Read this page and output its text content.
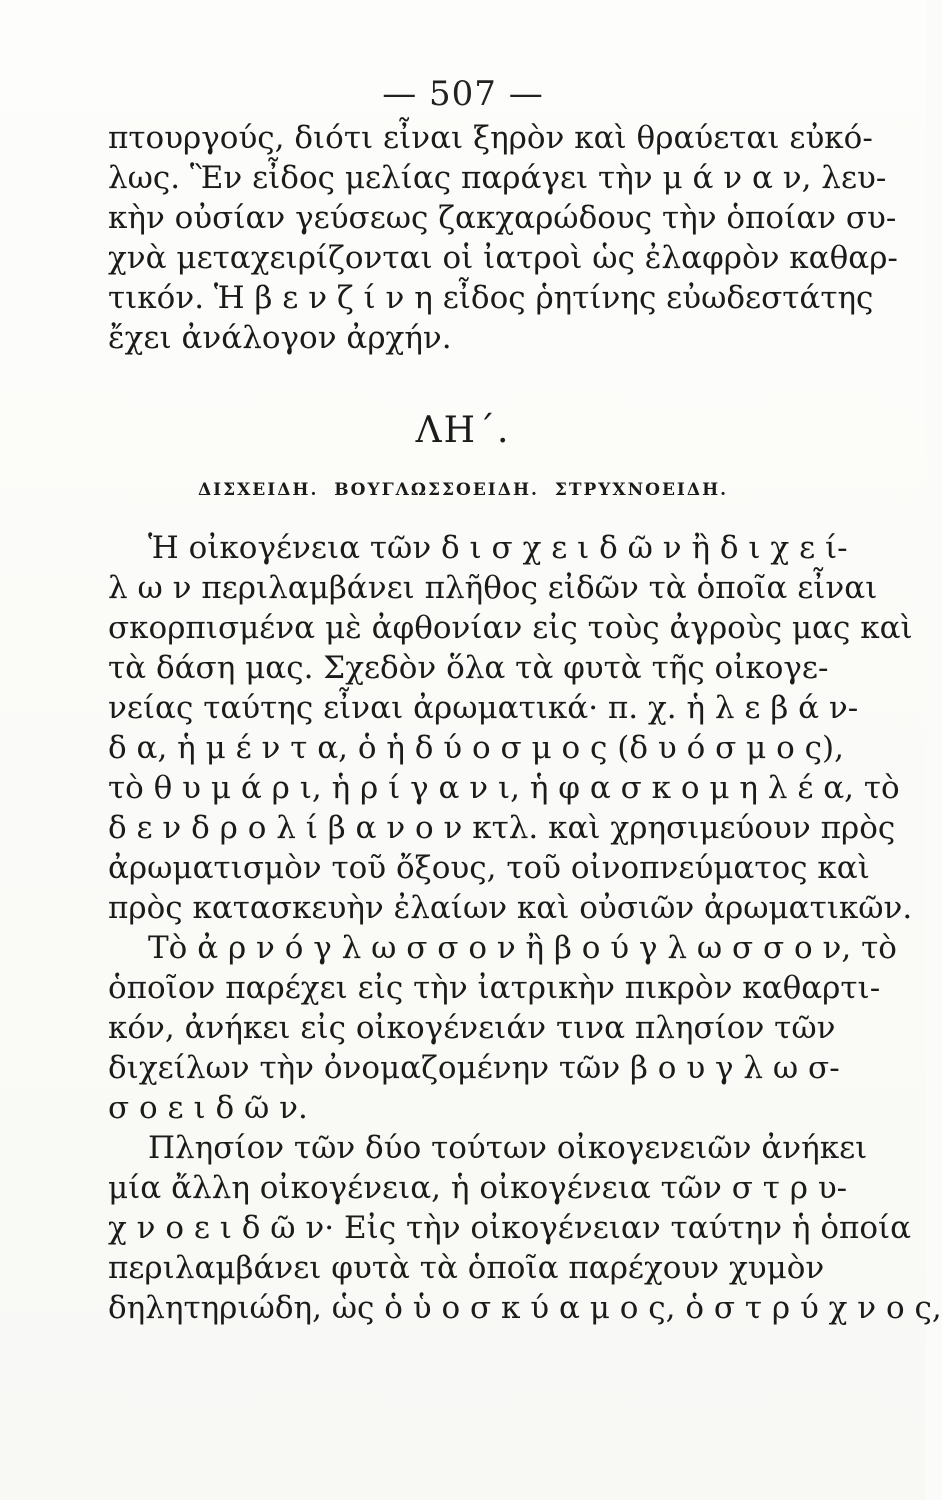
— 507 —
πτουργούς, διότι εἶναι ξηρὸν καὶ θραύεται εὐκό-
λως. Ἓν εἶδος μελίας παράγει τὴν μ ά ν α ν, λευ-
κὴν οὐσίαν γεύσεως ζακχαρώδους τὴν ὁποίαν συ-
χνὰ μεταχειρίζονται οἱ ἰατροὶ ὡς ἐλαφρὸν καθαρ-
τικόν. Ἡ β ε ν ζ ί ν η εἶδος ῥητίνης εὐωδεστάτης
ἔχει ἀνάλογον ἀρχήν.
ΛΗ΄.
ΔΙΣΧΕΙΔΗ. ΒΟΥΓΛΩΣΣΟΕΙΔΗ. ΣΤΡΥΧΝΟΕΙΔΗ.
Ἡ οἰκογένεια τῶν δ ι σ χ ε ι δ ῶ ν ἢ δ ι χ ε ί-
λ ω ν περιλαμβάνει πλῆθος εἰδῶν τὰ ὁποῖα εἶναι
σκορπισμένα μὲ ἀφθονίαν εἰς τοὺς ἀγροὺς μας καὶ
τὰ δάση μας. Σχεδὸν ὅλα τὰ φυτὰ τῆς οἰκογε-
νείας ταύτης εἶναι ἀρωματικά· π. χ. ἡ λ ε β ά ν-
δ α, ἡ μ έ ν τ α, ὁ ἡ δ ύ ο σ μ ο ς (δ υ ό σ μ ο ς),
τὸ θ υ μ ά ρ ι, ἡ ρ ί γ α ν ι, ἡ φ α σ κ ο μ η λ έ α, τὸ
δ ε ν δ ρ ο λ ί β α ν ο ν κτλ. καὶ χρησιμεύουν πρὸς
ἀρωματισμὸν τοῦ ὄξους, τοῦ οἰνοπνεύματος καὶ
πρὸς κατασκευὴν ἐλαίων καὶ οὐσιῶν ἀρωματικῶν.
Τὸ ἀ ρ ν ό γ λ ω σ σ ο ν ἢ β ο ύ γ λ ω σ σ ο ν, τὸ
ὁποῖον παρέχει εἰς τὴν ἰατρικὴν πικρὸν καθαρτι-
κόν, ἀνήκει εἰς οἰκογένειάν τινα πλησίον τῶν
διχείλων τὴν ὀνομαζομένην τῶν β ο υ γ λ ω σ-
σ ο ε ι δ ῶ ν.
Πλησίον τῶν δύο τούτων οἰκογενειῶν ἀνήκει
μία ἄλλη οἰκογένεια, ἡ οἰκογένεια τῶν σ τ ρ υ-
χ ν ο ε ι δ ῶ ν· Εἰς τὴν οἰκογένειαν ταύτην ἡ ὁποία
περιλαμβάνει φυτὰ τὰ ὁποῖα παρέχουν χυμὸν
δηλητηριώδη, ὡς ὁ ὑ ο σ κ ύ α μ ο ς, ὁ σ τ ρ ύ χ ν ο ς,
